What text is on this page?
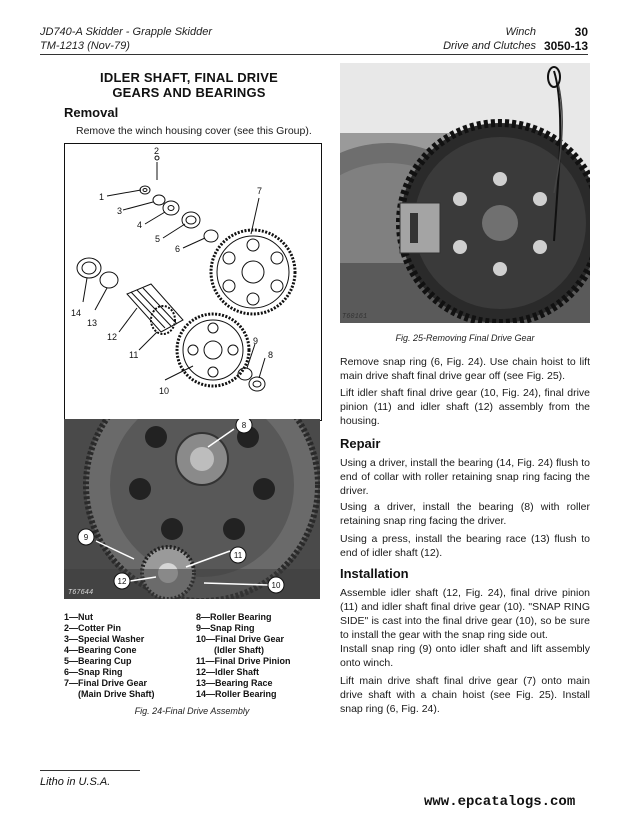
JD740-A Skidder - Grapple Skidder
TM-1213 (Nov-79)
Winch
Drive and Clutches
30
3050-13
IDLER SHAFT, FINAL DRIVE
GEARS AND BEARINGS
Removal
Remove the winch housing cover (see this Group).
1
2
3
4
5
6
7
8
9
10
11
12
13
14
8
9
10
11
12
T67644
1—Nut
2—Cotter Pin
3—Special Washer
4—Bearing Cone
5—Bearing Cup
6—Snap Ring
7—Final Drive Gear
(Main Drive Shaft)
8—Roller Bearing
9—Snap Ring
10—Final Drive Gear
(Idler Shaft)
11—Final Drive Pinion
12—Idler Shaft
13—Bearing Race
14—Roller Bearing
Fig. 24-Final Drive Assembly
T60161
Fig. 25-Removing Final Drive Gear
Remove snap ring (6, Fig. 24). Use chain hoist to lift main drive shaft final drive gear off (see Fig. 25).
Lift idler shaft final drive gear (10, Fig. 24), final drive pinion (11) and idler shaft (12) assembly from the housing.
Repair
Using a driver, install the bearing (14, Fig. 24) flush to end of collar with roller retaining snap ring facing the driver.
Using a driver, install the bearing (8) with roller retaining snap ring facing the driver.
Using a press, install the bearing race (13) flush to end of idler shaft (12).
Installation
Assemble idler shaft (12, Fig. 24), final drive pinion (11) and idler shaft final drive gear (10). "SNAP RING SIDE" is cast into the final drive gear (10), so be sure to install the gear with the snap ring side out.
Install snap ring (9) onto idler shaft and lift assembly onto winch.
Lift main drive shaft final drive gear (7) onto main drive shaft with a chain hoist (see Fig. 25). Install snap ring (6, Fig. 24).
Litho in U.S.A.
www.epcatalogs.com
